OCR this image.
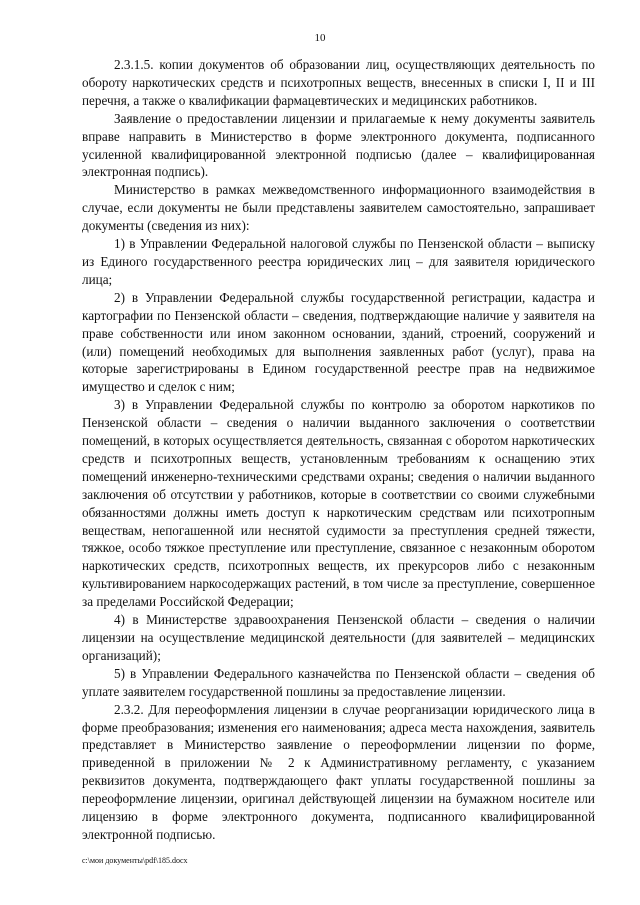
10

2.3.1.5. копии документов об образовании лиц, осуществляющих деятельность по обороту наркотических средств и психотропных веществ, внесенных в списки I, II и III перечня, а также о квалификации фармацевтических и медицинских работников.

Заявление о предоставлении лицензии и прилагаемые к нему документы заявитель вправе направить в Министерство в форме электронного документа, подписанного усиленной квалифицированной электронной подписью (далее – квалифицированная электронная подпись).

Министерство в рамках межведомственного информационного взаимодействия в случае, если документы не были представлены заявителем самостоятельно, запрашивает документы (сведения из них):

1) в Управлении Федеральной налоговой службы по Пензенской области – выписку из Единого государственного реестра юридических лиц – для заявителя юридического лица;

2) в Управлении Федеральной службы государственной регистрации, кадастра и картографии по Пензенской области – сведения, подтверждающие наличие у заявителя на праве собственности или ином законном основании, зданий, строений, сооружений и (или) помещений необходимых для выполнения заявленных работ (услуг), права на которые зарегистрированы в Едином государственной реестре прав на недвижимое имущество и сделок с ним;

3) в Управлении Федеральной службы по контролю за оборотом наркотиков по Пензенской области – сведения о наличии выданного заключения о соответствии помещений, в которых осуществляется деятельность, связанная с оборотом наркотических средств и психотропных веществ, установленным требованиям к оснащению этих помещений инженерно-техническими средствами охраны; сведения о наличии выданного заключения об отсутствии у работников, которые в соответствии со своими служебными обязанностями должны иметь доступ к наркотическим средствам или психотропным веществам, непогашенной или неснятой судимости за преступления средней тяжести, тяжкое, особо тяжкое преступление или преступление, связанное с незаконным оборотом наркотических средств, психотропных веществ, их прекурсоров либо с незаконным культивированием наркосодержащих растений, в том числе за преступление, совершенное за пределами Российской Федерации;

4) в Министерстве здравоохранения Пензенской области – сведения о наличии лицензии на осуществление медицинской деятельности (для заявителей – медицинских организаций);

5) в Управлении Федерального казначейства по Пензенской области – сведения об уплате заявителем государственной пошлины за предоставление лицензии.

2.3.2. Для переоформления лицензии в случае реорганизации юридического лица в форме преобразования; изменения его наименования; адреса места нахождения, заявитель представляет в Министерство заявление о переоформлении лицензии по форме, приведенной в приложении № 2 к Административному регламенту, с указанием реквизитов документа, подтверждающего факт уплаты государственной пошлины за переоформление лицензии, оригинал действующей лицензии на бумажном носителе или лицензию в форме электронного документа, подписанного квалифицированной электронной подписью.

c:\мои документы\pdf\185.docx
